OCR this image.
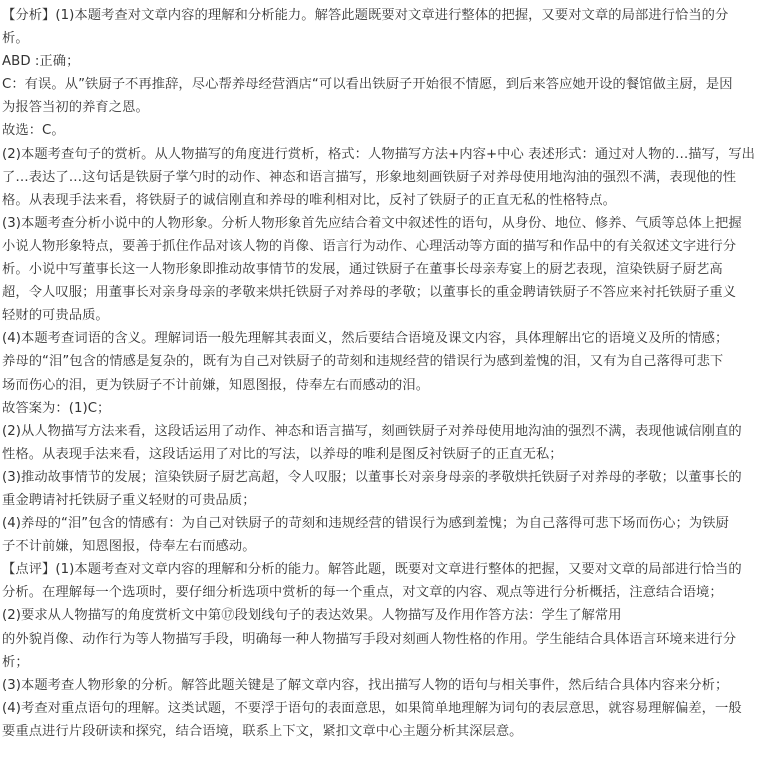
【分析】(1)本题考查对文章内容的理解和分析能力。解答此题既要对文章进行整体的把握，又要对文章的局部进行恰当的分
析。
ABD :正确；
C：有误。从”铁厨子不再推辞，尽心帮养母经营酒店“可以看出铁厨子开始很不情愿，到后来答应她开设的餐馆做主厨，是因
为报答当初的养育之恩。
故选：C。
(2)本题考查句子的赏析。从人物描写的角度进行赏析，格式：人物描写方法+内容+中心 表述形式：通过对人物的…描写，写出
了…表达了…这句话是铁厨子掌勺时的动作、神态和语言描写，形象地刻画铁厨子对养母使用地沟油的强烈不满，表现他的性
格。从表现手法来看，将铁厨子的诚信刚直和养母的唯利相对比，反衬了铁厨子的正直无私的性格特点。
(3)本题考查分析小说中的人物形象。分析人物形象首先应结合着文中叙述性的语句，从身份、地位、修养、气质等总体上把握
小说人物形象特点，要善于抓住作品对该人物的肖像、语言行为动作、心理活动等方面的描写和作品中的有关叙述文字进行分
析。小说中写董事长这一人物形象即推动故事情节的发展，通过铁厨子在董事长母亲寿宴上的厨艺表现，渲染铁厨子厨艺高
超，令人叹服；用董事长对亲身母亲的孝敬来烘托铁厨子对养母的孝敬；以董事长的重金聘请铁厨子不答应来衬托铁厨子重义
轻财的可贵品质。
(4)本题考查词语的含义。理解词语一般先理解其表面义，然后要结合语境及课文内容，具体理解出它的语境义及所的情感；
养母的“泪”包含的情感是复杂的，既有为自己对铁厨子的苛刻和违规经营的错误行为感到羞愧的泪，又有为自己落得可悲下
场而伤心的泪，更为铁厨子不计前嫌，知恩图报，侍奉左右而感动的泪。
故答案为：(1)C；
(2)从人物描写方法来看，这段话运用了动作、神态和语言描写，刻画铁厨子对养母使用地沟油的强烈不满，表现他诚信刚直的
性格。从表现手法来看，这段话运用了对比的写法，以养母的唯利是图反衬铁厨子的正直无私；
(3)推动故事情节的发展；渲染铁厨子厨艺高超，令人叹服；以董事长对亲身母亲的孝敬烘托铁厨子对养母的孝敬；以董事长的
重金聘请衬托铁厨子重义轻财的可贵品质；
(4)养母的“泪”包含的情感有：为自己对铁厨子的苛刻和违规经营的错误行为感到羞愧；为自己落得可悲下场而伤心；为铁厨
子不计前嫌，知恩图报，侍奉左右而感动。
【点评】(1)本题考查对文章内容的理解和分析的能力。解答此题，既要对文章进行整体的把握，又要对文章的局部进行恰当的
分析。在理解每一个选项时，要仔细分析选项中赏析的每一个重点，对文章的内容、观点等进行分析概括，注意结合语境；
(2)要求从人物描写的角度赏析文中第⑰段划线句子的表达效果。人物描写及作用作答方法：学生了解常用
的外貌肖像、动作行为等人物描写手段，明确每一种人物描写手段对刻画人物性格的作用。学生能结合具体语言环境来进行分
析；
(3)本题考查人物形象的分析。解答此题关键是了解文章内容，找出描写人物的语句与相关事件，然后结合具体内容来分析；
(4)考查对重点语句的理解。这类试题，不要浮于语句的表面意思，如果简单地理解为词句的表层意思，就容易理解偏差，一般
要重点进行片段研读和探究，结合语境，联系上下文，紧扣文章中心主题分析其深层意。
